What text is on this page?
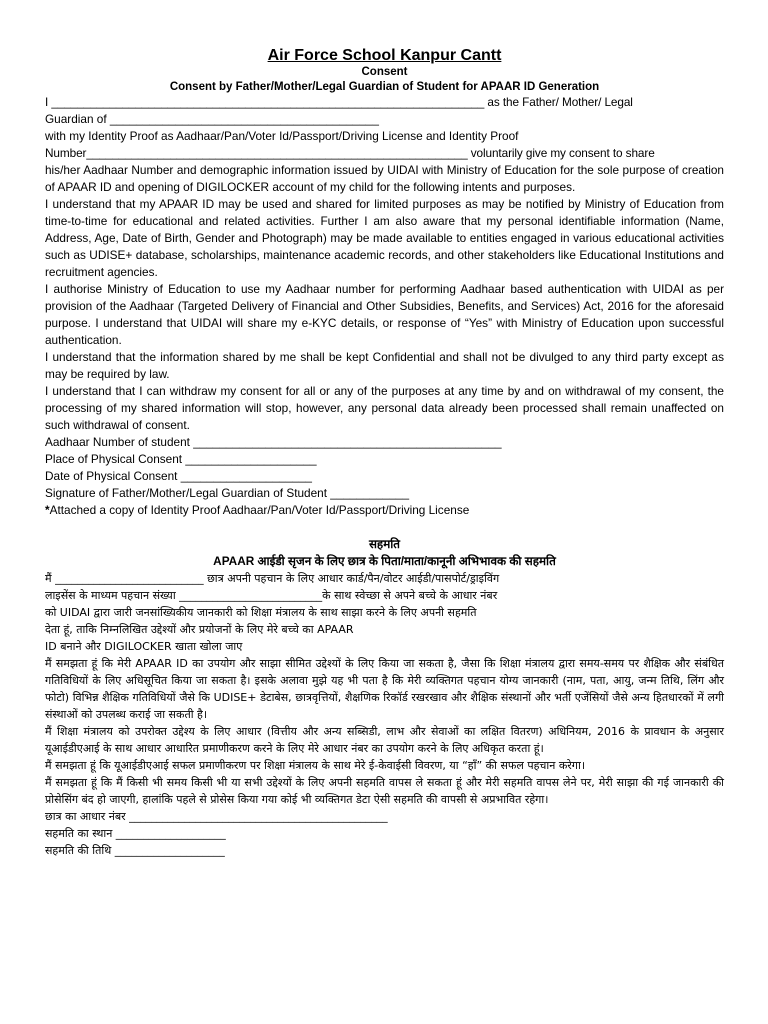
Air Force School Kanpur Cantt

Consent

Consent by Father/Mother/Legal Guardian of Student for APAAR ID Generation

I ___________________________________________________________________ as the Father/ Mother/ Legal

Guardian of _________________________________________

with my Identity Proof as Aadhaar/Pan/Voter Id/Passport/Driving License and Identity Proof

Number___________________________________________________________ voluntarily give my consent to share

his/her Aadhaar Number and demographic information issued by UIDAI with Ministry of Education for the sole purpose of creation of APAAR ID and opening of DIGILOCKER account of my child for the following intents and purposes.

I understand that my APAAR ID may be used and shared for limited purposes as may be notified by Ministry of Education from time-to-time for educational and related activities. Further I am also aware that my personal identifiable information (Name, Address, Age, Date of Birth, Gender and Photograph) may be made available to entities engaged in various educational activities such as UDISE+ database, scholarships, maintenance academic records, and other stakeholders like Educational Institutions and recruitment agencies.

I authorise Ministry of Education to use my Aadhaar number for performing Aadhaar based authentication with UIDAI as per provision of the Aadhaar (Targeted Delivery of Financial and Other Subsidies, Benefits, and Services) Act, 2016 for the aforesaid purpose. I understand that UIDAI will share my e-KYC details, or response of “Yes” with Ministry of Education upon successful authentication.

I understand that the information shared by me shall be kept Confidential and shall not be divulged to any third party except as may be required by law.

I understand that I can withdraw my consent for all or any of the purposes at any time by and on withdrawal of my consent, the processing of my shared information will stop, however, any personal data already been processed shall remain unaffected on such withdrawal of consent.

Aadhaar Number of student _______________________________________________

Place of Physical Consent ____________________

Date of Physical Consent ____________________

Signature of Father/Mother/Legal Guardian of Student ____________

*Attached a copy of Identity Proof Aadhaar/Pan/Voter Id/Passport/Driving License

सहमति

APAAR आईडी सृजन के लिए छात्र के पिता/माता/कानूनी अभिभावक की सहमति

मैं ___________________________ छात्र अपनी पहचान के लिए आधार कार्ड/पैन/वोटर आईडी/पासपोर्ट/ड्राइविंग

लाइसेंस के माध्यम पहचान संख्या __________________________के साथ स्वेच्छा से अपने बच्चे के आधार नंबर

को UIDAI द्वारा जारी जनसांख्यिकीय जानकारी को शिक्षा मंत्रालय के साथ साझा करने के लिए अपनी सहमति

देता हूं, ताकि निम्नलिखित उद्देश्यों और प्रयोजनों के लिए मेरे बच्चे का APAAR

ID बनाने और DIGILOCKER खाता खोला जाए

मैं समझता हूं कि मेरी APAAR ID का उपयोग और साझा सीमित उद्देश्यों के लिए किया जा सकता है, जैसा कि शिक्षा मंत्रालय द्वारा समय-समय पर शैक्षिक और संबंधित गतिविधियों के लिए अधिसूचित किया जा सकता है। इसके अलावा मुझे यह भी पता है कि मेरी व्यक्तिगत पहचान योग्य जानकारी (नाम, पता, आयु, जन्म तिथि, लिंग और फोटो) विभिन्न शैक्षिक गतिविधियों जैसे कि UDISE+ डेटाबेस, छात्रवृत्तियों, शैक्षणिक रिकॉर्ड रखरखाव और शैक्षिक संस्थानों और भर्ती एजेंसियों जैसे अन्य हितधारकों में लगी संस्थाओं को उपलब्ध कराई जा सकती है।

मैं शिक्षा मंत्रालय को उपरोक्त उद्देश्य के लिए आधार (वित्तीय और अन्य सब्सिडी, लाभ और सेवाओं का लक्षित वितरण) अधिनियम, 2016 के प्रावधान के अनुसार यूआईडीएआई के साथ आधार आधारित प्रमाणीकरण करने के लिए मेरे आधार नंबर का उपयोग करने के लिए अधिकृत करता हूं।

मैं समझता हूं कि यूआईडीएआई सफल प्रमाणीकरण पर शिक्षा मंत्रालय के साथ मेरे ई-केवाईसी विवरण, या “हाँ” की सफल पहचान करेगा।

मैं समझता हूं कि मैं किसी भी समय किसी भी या सभी उद्देश्यों के लिए अपनी सहमति वापस ले सकता हूं और मेरी सहमति वापस लेने पर, मेरी साझा की गई जानकारी की प्रोसेसिंग बंद हो जाएगी, हालांकि पहले से प्रोसेस किया गया कोई भी व्यक्तिगत डेटा ऐसी सहमति की वापसी से अप्रभावित रहेगा।

छात्र का आधार नंबर _______________________________________________

सहमति का स्थान ____________________

सहमति की तिथि ____________________
